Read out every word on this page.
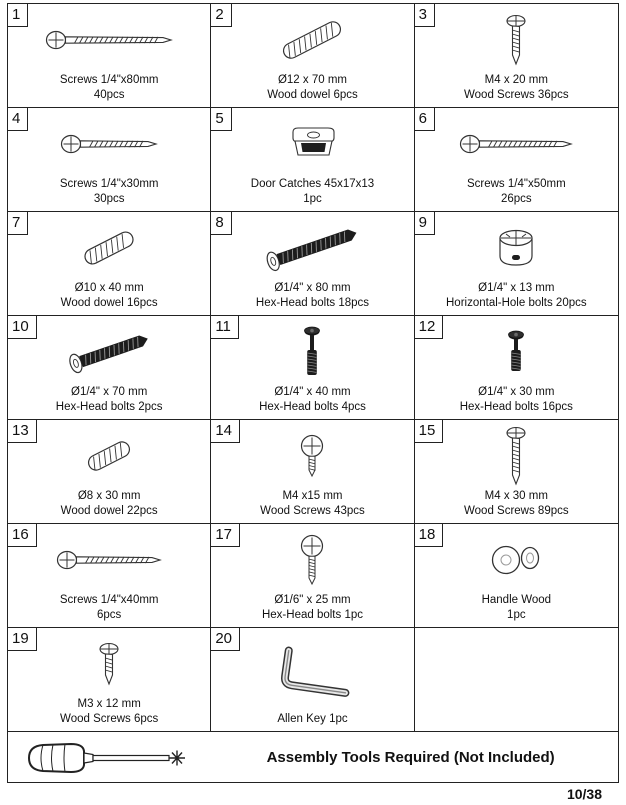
1
Screws 1/4"x80mm
40pcs
2
Ø12 x 70 mm
Wood dowel 6pcs
3
M4 x 20 mm
Wood Screws 36pcs
4
Screws 1/4"x30mm
30pcs
5
Door Catches 45x17x13
1pc
6
Screws 1/4"x50mm
26pcs
7
Ø10 x 40 mm
Wood dowel 16pcs
8
Ø1/4" x 80 mm
Hex-Head bolts 18pcs
9
Ø1/4" x 13 mm
Horizontal-Hole bolts 20pcs
10
Ø1/4" x 70 mm
Hex-Head bolts 2pcs
11
Ø1/4" x 40 mm
Hex-Head bolts 4pcs
12
Ø1/4" x 30 mm
Hex-Head bolts 16pcs
13
Ø8 x 30 mm
Wood dowel 22pcs
14
M4 x15 mm
Wood Screws 43pcs
15
M4 x 30 mm
Wood Screws 89pcs
16
Screws 1/4"x40mm
6pcs
17
Ø1/6" x 25 mm
Hex-Head bolts 1pc
18
Handle Wood
1pc
19
M3 x 12 mm
Wood Screws 6pcs
20
Allen Key 1pc
Assembly Tools Required (Not Included)
10/38
